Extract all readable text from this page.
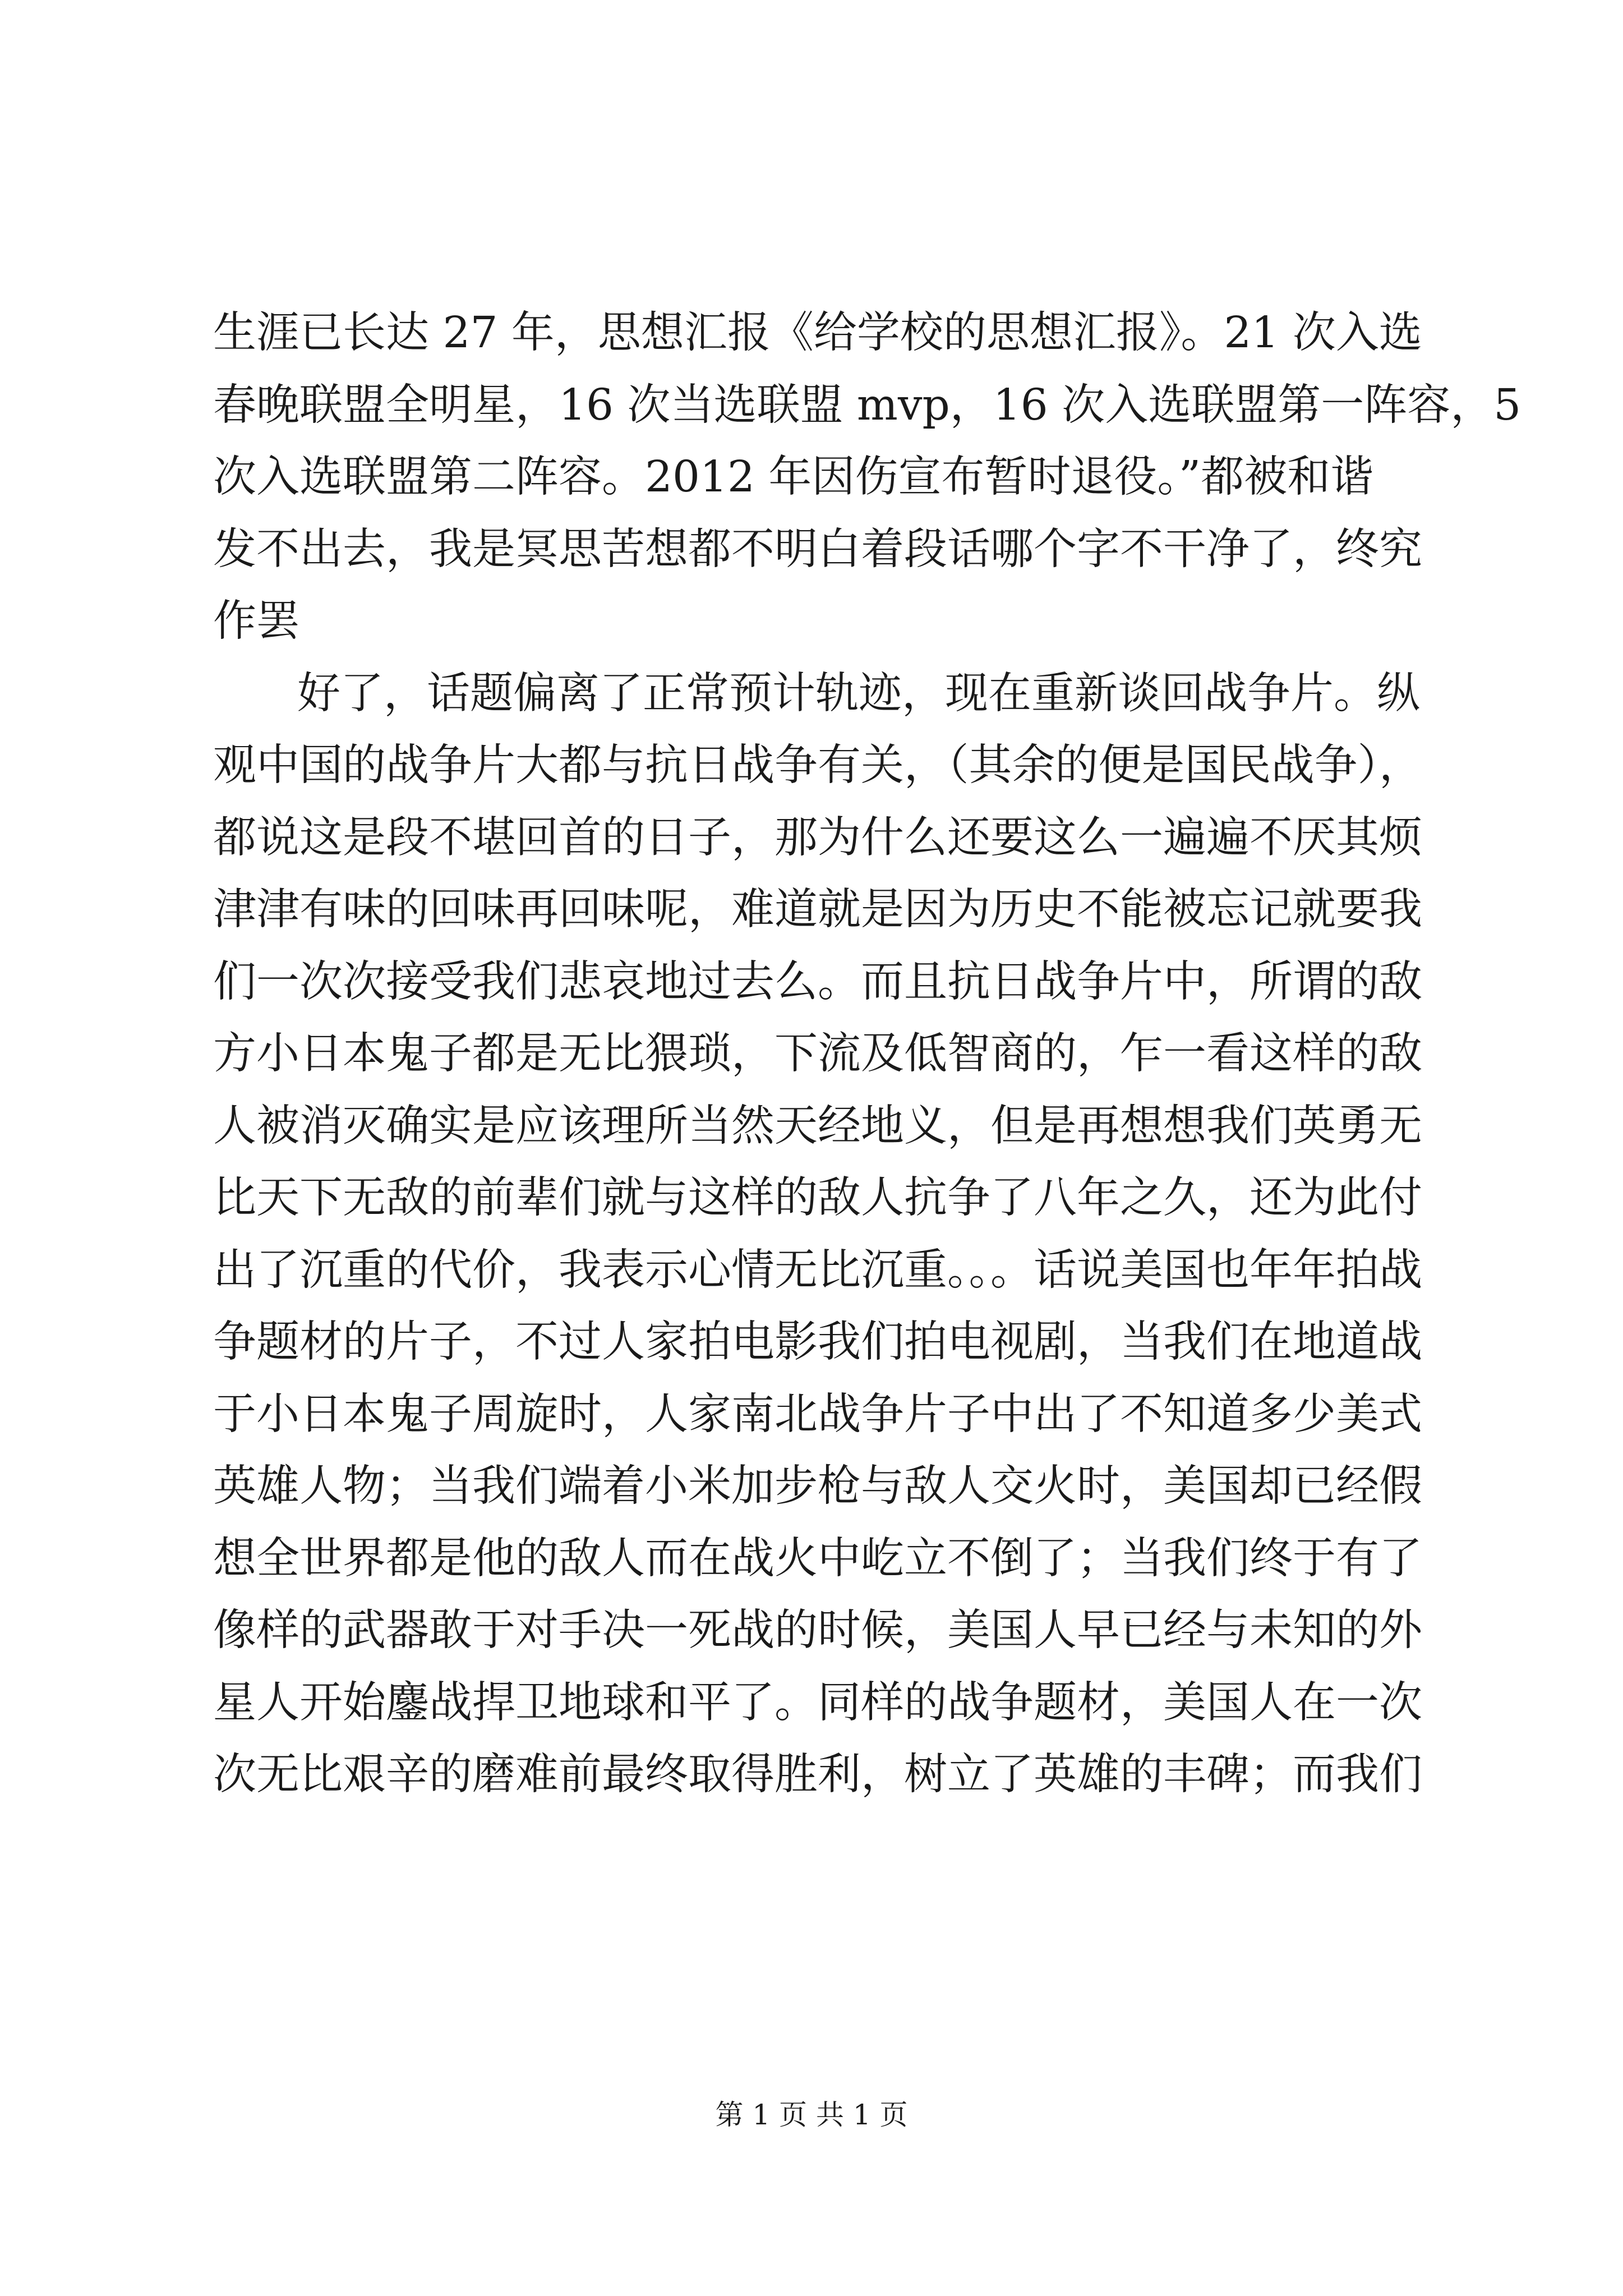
生涯已长达 27 年，思想汇报《给学校的思想汇报》。21 次入选
春晚联盟全明星，16 次当选联盟 mvp，16 次入选联盟第一阵容，5
次入选联盟第二阵容。2012 年因伤宣布暂时退役。”都被和谐
发不出去，我是冥思苦想都不明白着段话哪个字不干净了，终究
作罢
好了，话题偏离了正常预计轨迹，现在重新谈回战争片。纵
观中国的战争片大都与抗日战争有关，（其余的便是国民战争），
都说这是段不堪回首的日子，那为什么还要这么一遍遍不厌其烦
津津有味的回味再回味呢，难道就是因为历史不能被忘记就要我
们一次次接受我们悲哀地过去么。而且抗日战争片中，所谓的敌
方小日本鬼子都是无比猥琐，下流及低智商的，乍一看这样的敌
人被消灭确实是应该理所当然天经地义，但是再想想我们英勇无
比天下无敌的前辈们就与这样的敌人抗争了八年之久，还为此付
出了沉重的代价，我表示心情无比沉重。。。话说美国也年年拍战
争题材的片子，不过人家拍电影我们拍电视剧，当我们在地道战
于小日本鬼子周旋时，人家南北战争片子中出了不知道多少美式
英雄人物；当我们端着小米加步枪与敌人交火时，美国却已经假
想全世界都是他的敌人而在战火中屹立不倒了；当我们终于有了
像样的武器敢于对手决一死战的时候，美国人早已经与未知的外
星人开始鏖战捍卫地球和平了。同样的战争题材，美国人在一次
次无比艰辛的磨难前最终取得胜利，树立了英雄的丰碑；而我们
第 1 页 共 1 页
